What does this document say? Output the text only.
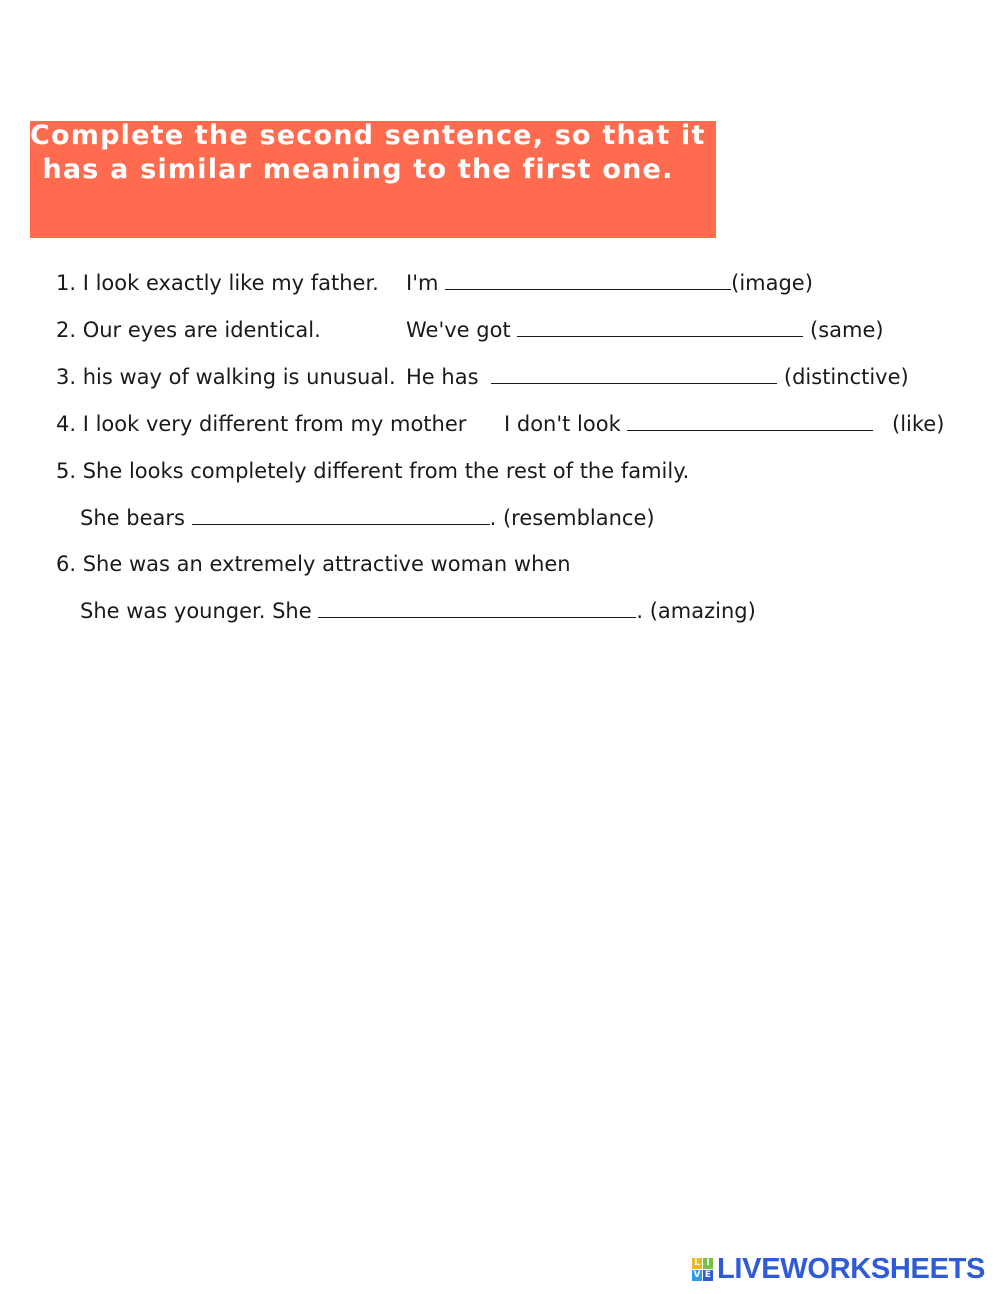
Complete the second sentence, so that it
has a similar meaning to the first one.
1. I look exactly like my father. I'm	(image)
2. Our eyes are identical.	We've got	(same)
3. his way of walking is unusual. He has	(distinctive)
4. I look very different from my mother I don't look	(like)
5. She looks completely different from the rest of the family.
She bears	. (resemblance)
6. She was an extremely attractive woman when
She was younger. She	. (amazing)
L I
V E LIVEWORKSHEETS
